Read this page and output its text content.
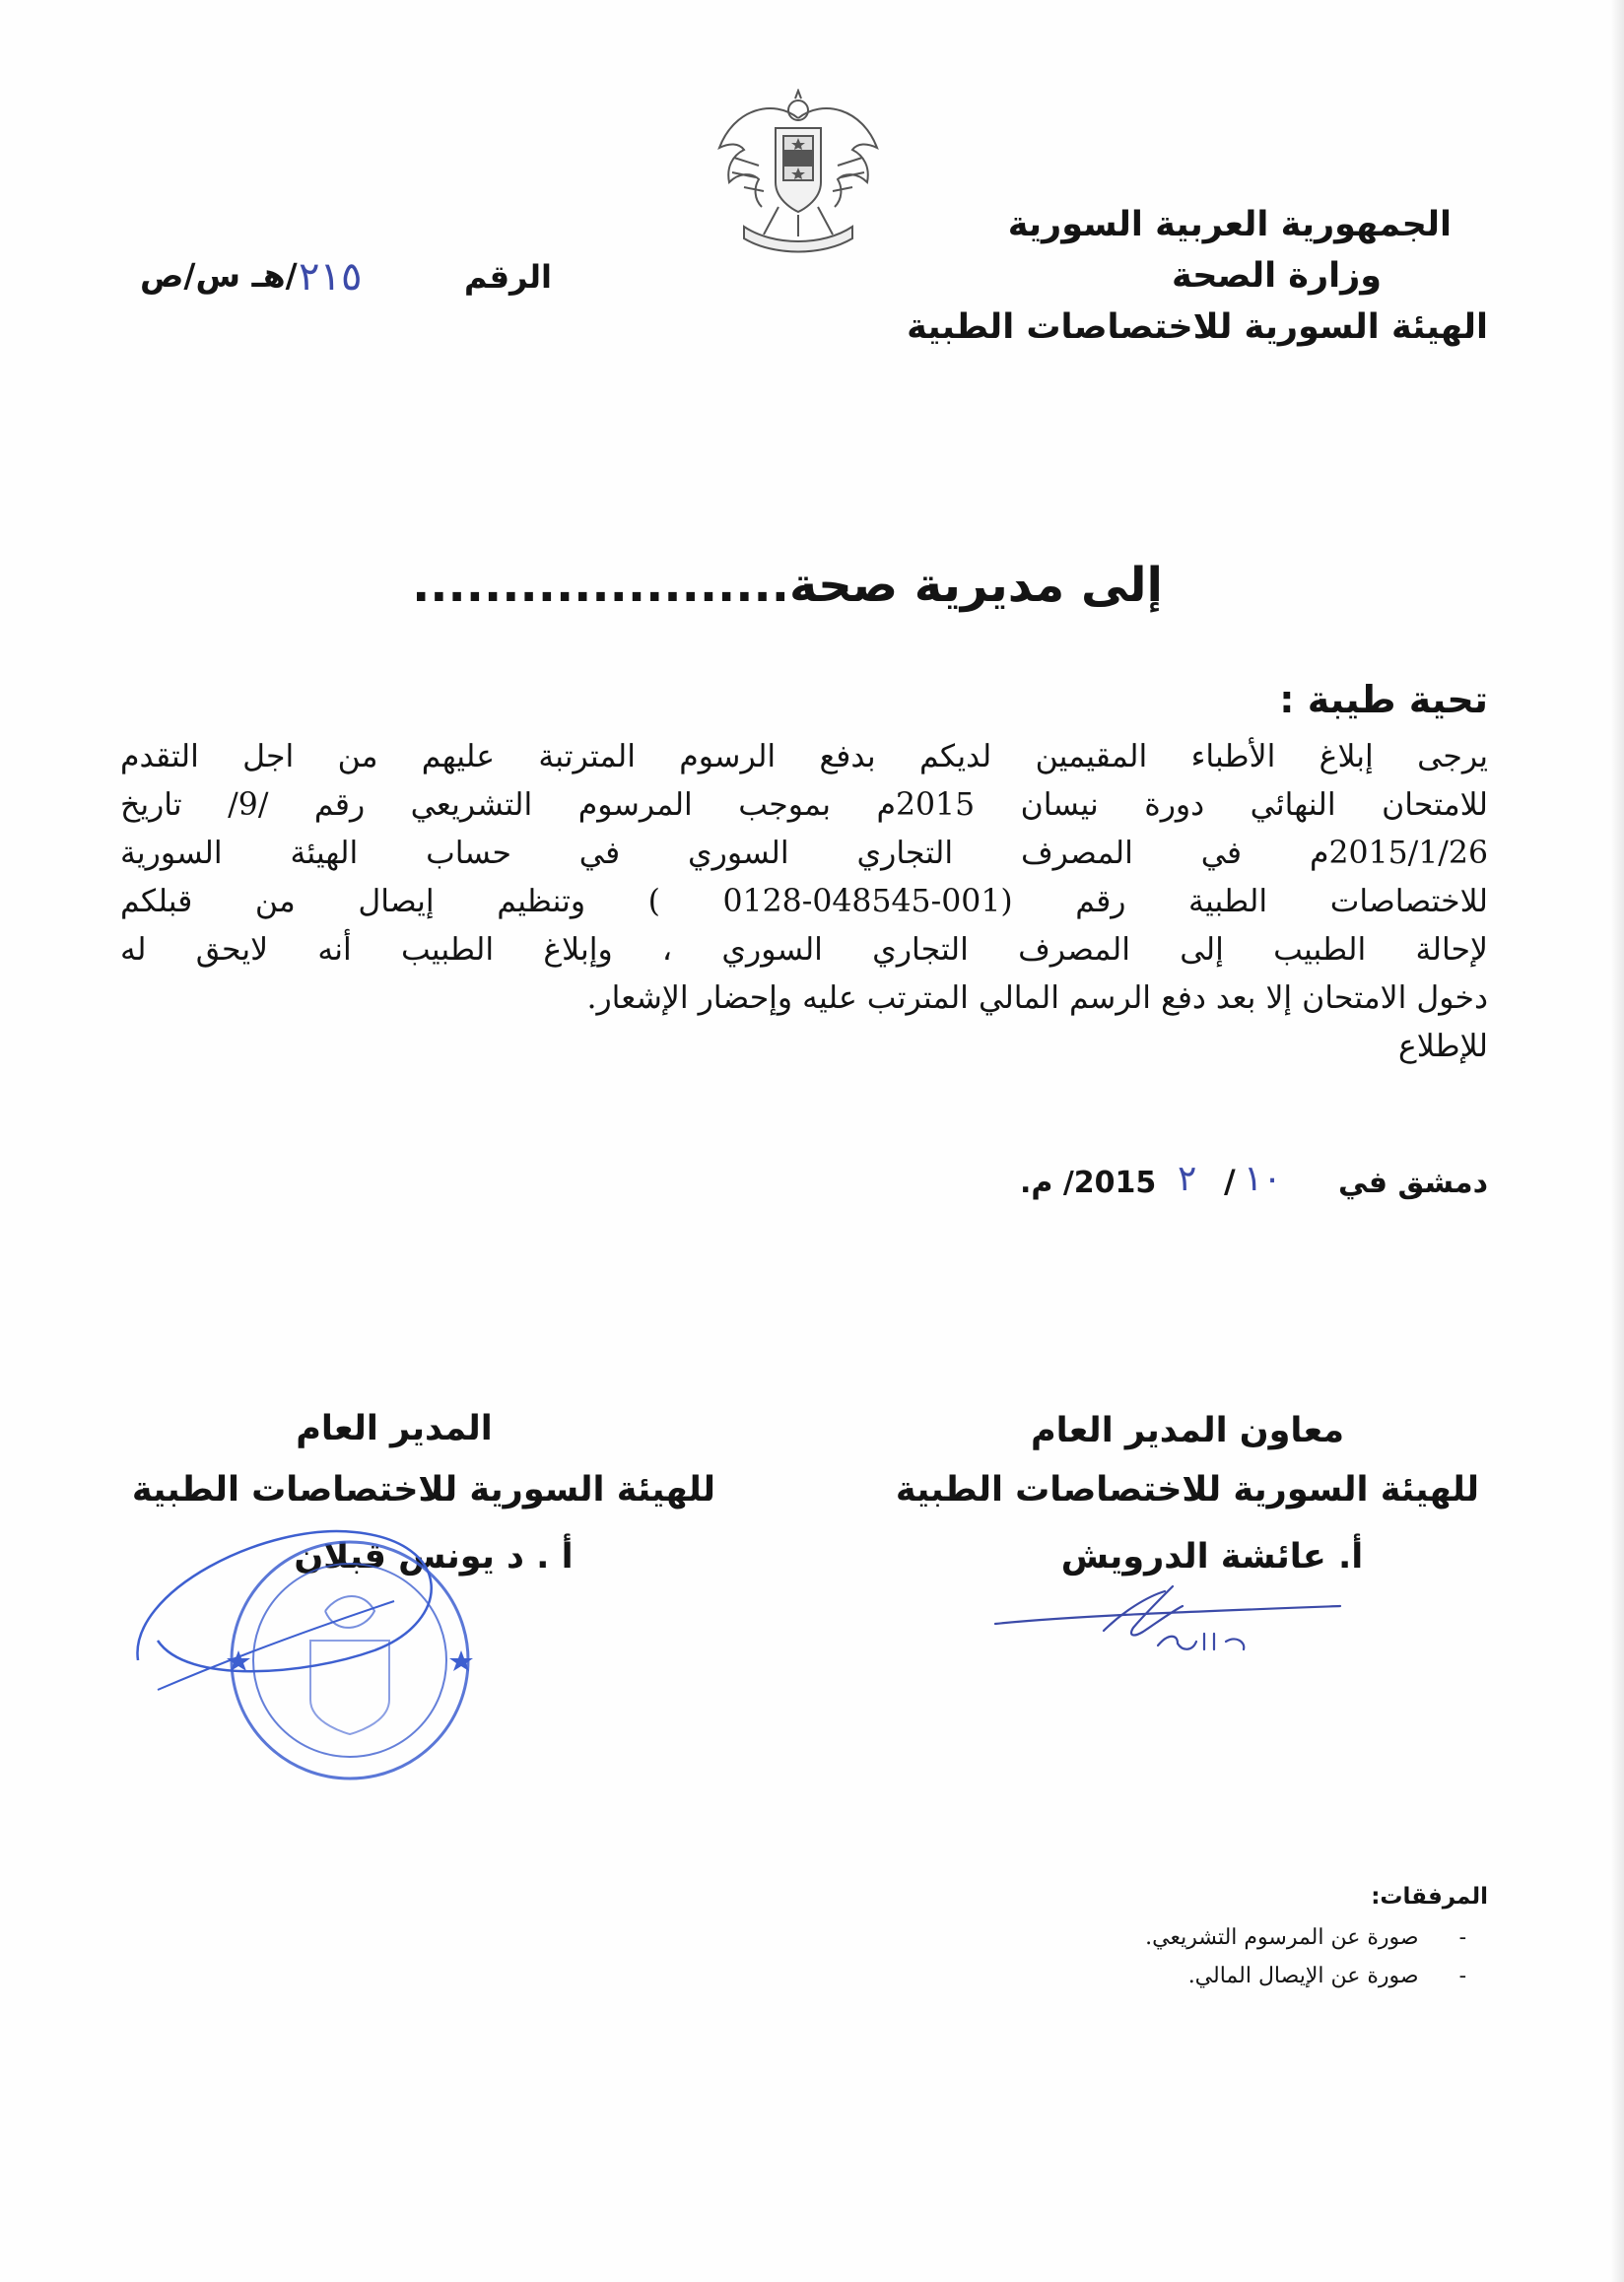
الجمهورية العربية السورية
وزارة الصحة
الهيئة السورية للاختصاصات الطبية
الرقم
٢١٥
/هـ س/ص
إلى مديرية صحة.....................
تحية طيبة :
يرجى إبلاغ الأطباء المقيمين لديكم بدفع الرسوم المترتبة عليهم من اجل التقدم
للامتحان النهائي دورة نيسان 2015م بموجب المرسوم التشريعي رقم /9/ تاريخ
2015/1/26م في المصرف التجاري السوري في حساب الهيئة السورية
للاختصاصات الطبية رقم (001-048545-0128 ) وتنظيم إيصال من قبلكم
لإحالة الطبيب إلى المصرف التجاري السوري ، وإبلاغ الطبيب أنه لايحق له
دخول الامتحان إلا بعد دفع الرسم المالي المترتب عليه وإحضار الإشعار.
للإطلاع
دمشق في
١٠
/
٢
2015/ م.
معاون المدير العام
للهيئة السورية للاختصاصات الطبية
أ. عائشة الدرويش
المدير العام
للهيئة السورية للاختصاصات الطبية
أ . د يونس قبلان
المرفقات:
- صورة عن المرسوم التشريعي.
- صورة عن الإيصال المالي.
